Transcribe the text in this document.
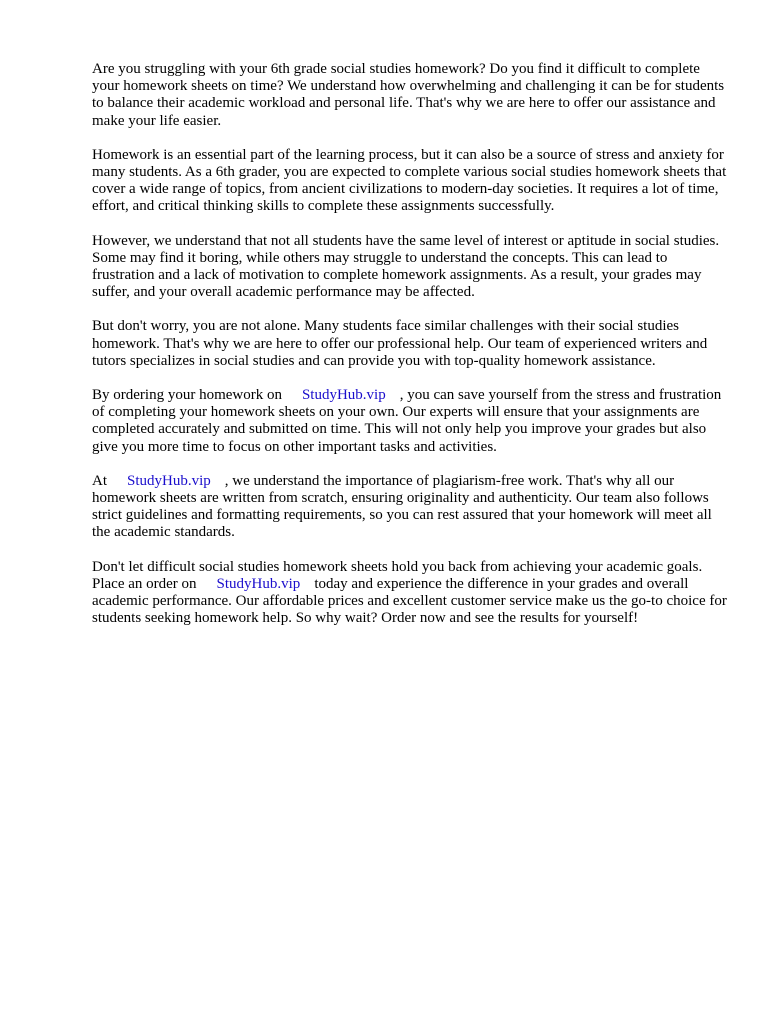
Are you struggling with your 6th grade social studies homework? Do you find it difficult to complete your homework sheets on time? We understand how overwhelming and challenging it can be for students to balance their academic workload and personal life. That's why we are here to offer our assistance and make your life easier.

Homework is an essential part of the learning process, but it can also be a source of stress and anxiety for many students. As a 6th grader, you are expected to complete various social studies homework sheets that cover a wide range of topics, from ancient civilizations to modern-day societies. It requires a lot of time, effort, and critical thinking skills to complete these assignments successfully.

However, we understand that not all students have the same level of interest or aptitude in social studies. Some may find it boring, while others may struggle to understand the concepts. This can lead to frustration and a lack of motivation to complete homework assignments. As a result, your grades may suffer, and your overall academic performance may be affected.

But don't worry, you are not alone. Many students face similar challenges with their social studies homework. That's why we are here to offer our professional help. Our team of experienced writers and tutors specializes in social studies and can provide you with top-quality homework assistance.

By ordering your homework on StudyHub.vip , you can save yourself from the stress and frustration of completing your homework sheets on your own. Our experts will ensure that your assignments are completed accurately and submitted on time. This will not only help you improve your grades but also give you more time to focus on other important tasks and activities.

At StudyHub.vip , we understand the importance of plagiarism-free work. That's why all our homework sheets are written from scratch, ensuring originality and authenticity. Our team also follows strict guidelines and formatting requirements, so you can rest assured that your homework will meet all the academic standards.

Don't let difficult social studies homework sheets hold you back from achieving your academic goals. Place an order on StudyHub.vip today and experience the difference in your grades and overall academic performance. Our affordable prices and excellent customer service make us the go-to choice for students seeking homework help. So why wait? Order now and see the results for yourself!
